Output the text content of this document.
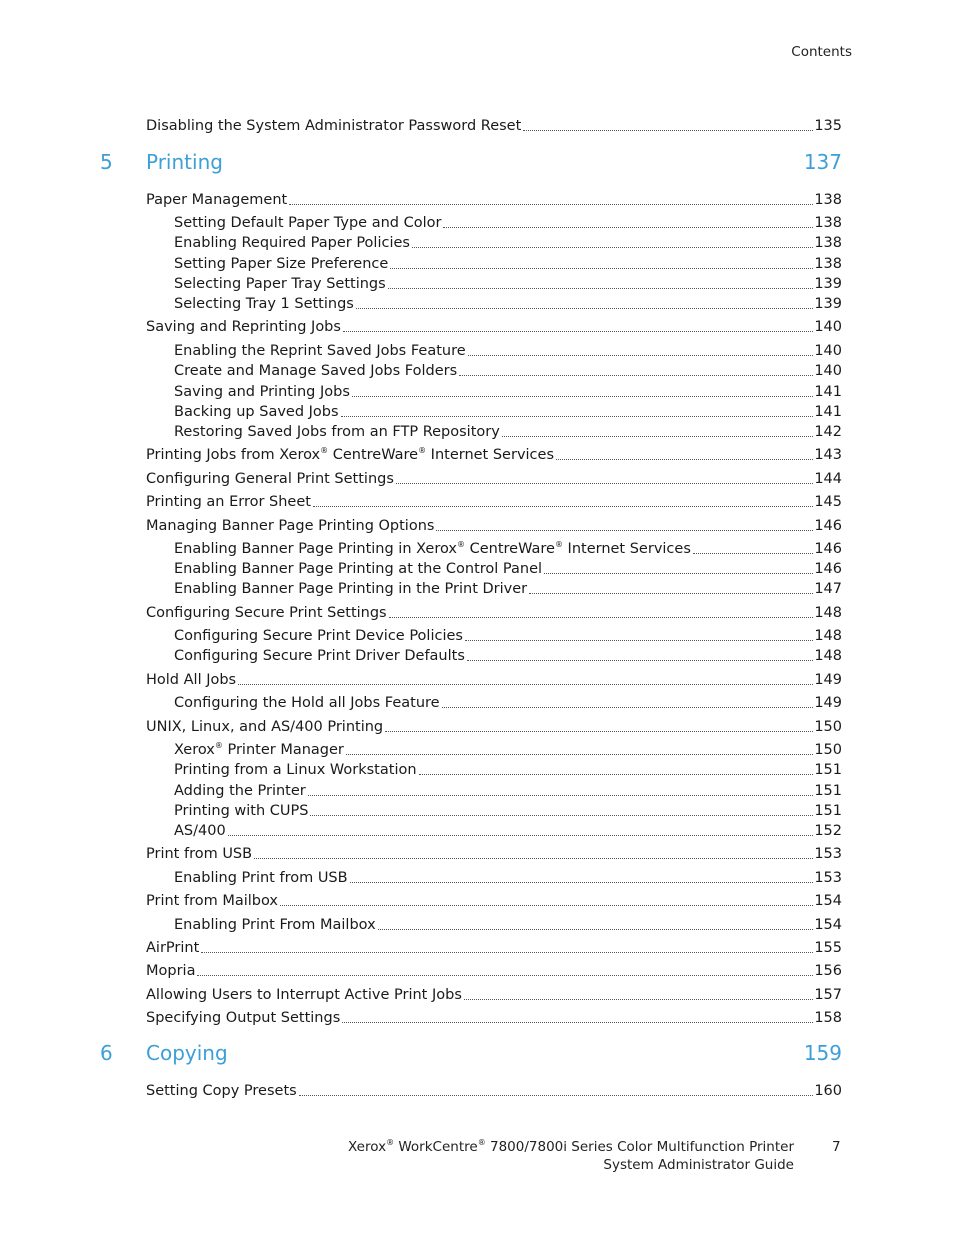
Contents
Disabling the System Administrator Password Reset	135
5	Printing	137
Paper Management	138
Setting Default Paper Type and Color	138
Enabling Required Paper Policies	138
Setting Paper Size Preference	138
Selecting Paper Tray Settings	139
Selecting Tray 1 Settings	139
Saving and Reprinting Jobs	140
Enabling the Reprint Saved Jobs Feature	140
Create and Manage Saved Jobs Folders	140
Saving and Printing Jobs	141
Backing up Saved Jobs	141
Restoring Saved Jobs from an FTP Repository	142
Printing Jobs from Xerox® CentreWare® Internet Services	143
Configuring General Print Settings	144
Printing an Error Sheet	145
Managing Banner Page Printing Options	146
Enabling Banner Page Printing in Xerox® CentreWare® Internet Services	146
Enabling Banner Page Printing at the Control Panel	146
Enabling Banner Page Printing in the Print Driver	147
Configuring Secure Print Settings	148
Configuring Secure Print Device Policies	148
Configuring Secure Print Driver Defaults	148
Hold All Jobs	149
Configuring the Hold all Jobs Feature	149
UNIX, Linux, and AS/400 Printing	150
Xerox® Printer Manager	150
Printing from a Linux Workstation	151
Adding the Printer	151
Printing with CUPS	151
AS/400	152
Print from USB	153
Enabling Print from USB	153
Print from Mailbox	154
Enabling Print From Mailbox	154
AirPrint	155
Mopria	156
Allowing Users to Interrupt Active Print Jobs	157
Specifying Output Settings	158
6	Copying	159
Setting Copy Presets	160
Xerox® WorkCentre® 7800/7800i Series Color Multifunction Printer
System Administrator Guide
7
